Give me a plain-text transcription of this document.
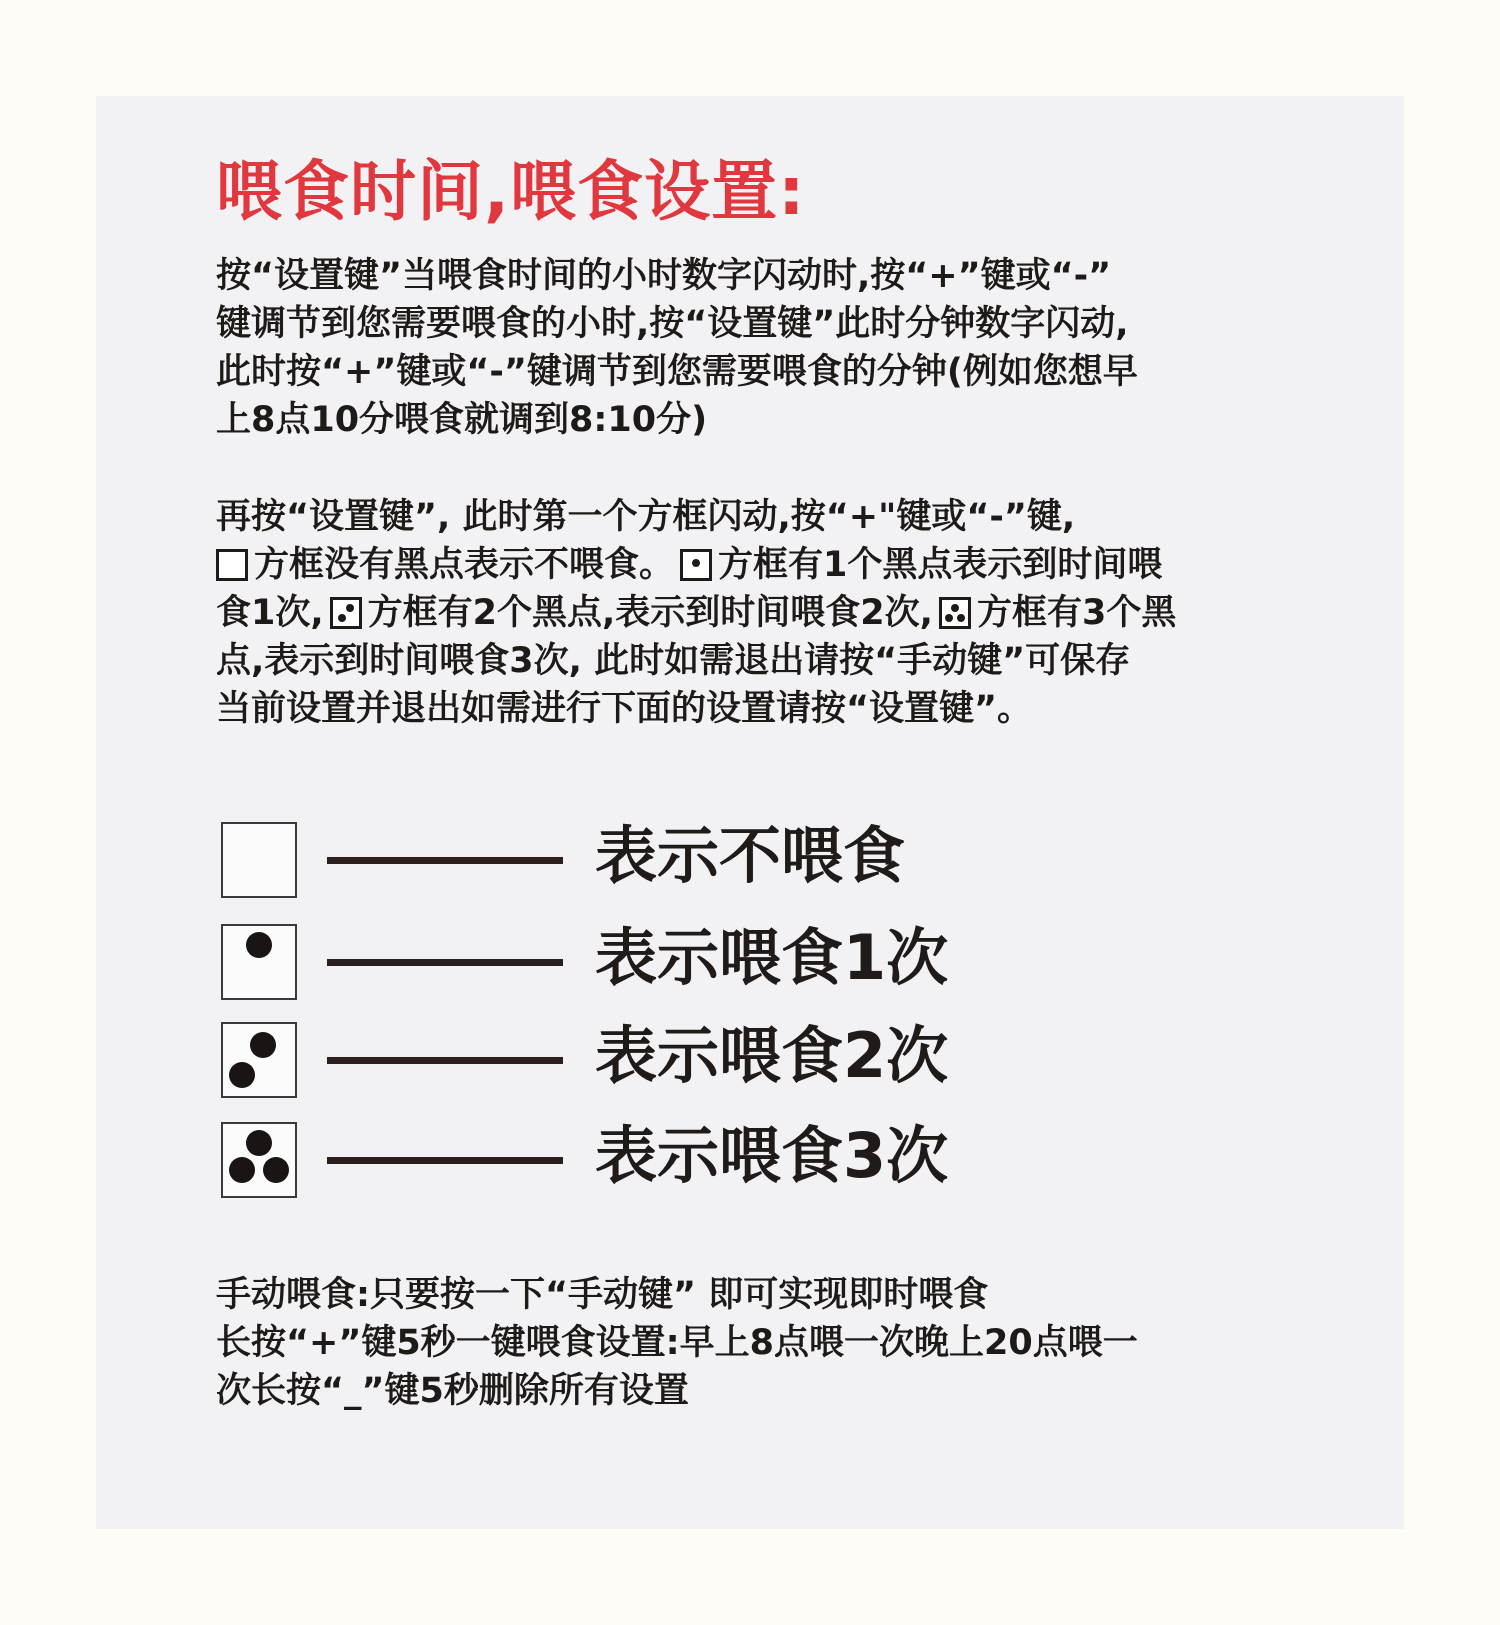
喂食时间,喂食设置:
按“设置键”当喂食时间的小时数字闪动时,按“+”键或“-”
键调节到您需要喂食的小时,按“设置键”此时分钟数字闪动,
此时按“+”键或“-”键调节到您需要喂食的分钟(例如您想早
上8点10分喂食就调到8:10分)
再按“设置键”, 此时第一个方框闪动,按“+"键或“-”键,
方框没有黑点表示不喂食。 方框有1个黑点表示到时间喂
食1次, 方框有2个黑点,表示到时间喂食2次, 方框有3个黑
点,表示到时间喂食3次, 此时如需退出请按“手动键”可保存
当前设置并退出如需进行下面的设置请按“设置键”。
表示不喂食
表示喂食1次
表示喂食2次
表示喂食3次
手动喂食:只要按一下“手动键” 即可实现即时喂食
长按“+”键5秒一键喂食设置:早上8点喂一次晚上20点喂一
次长按“_”键5秒删除所有设置
